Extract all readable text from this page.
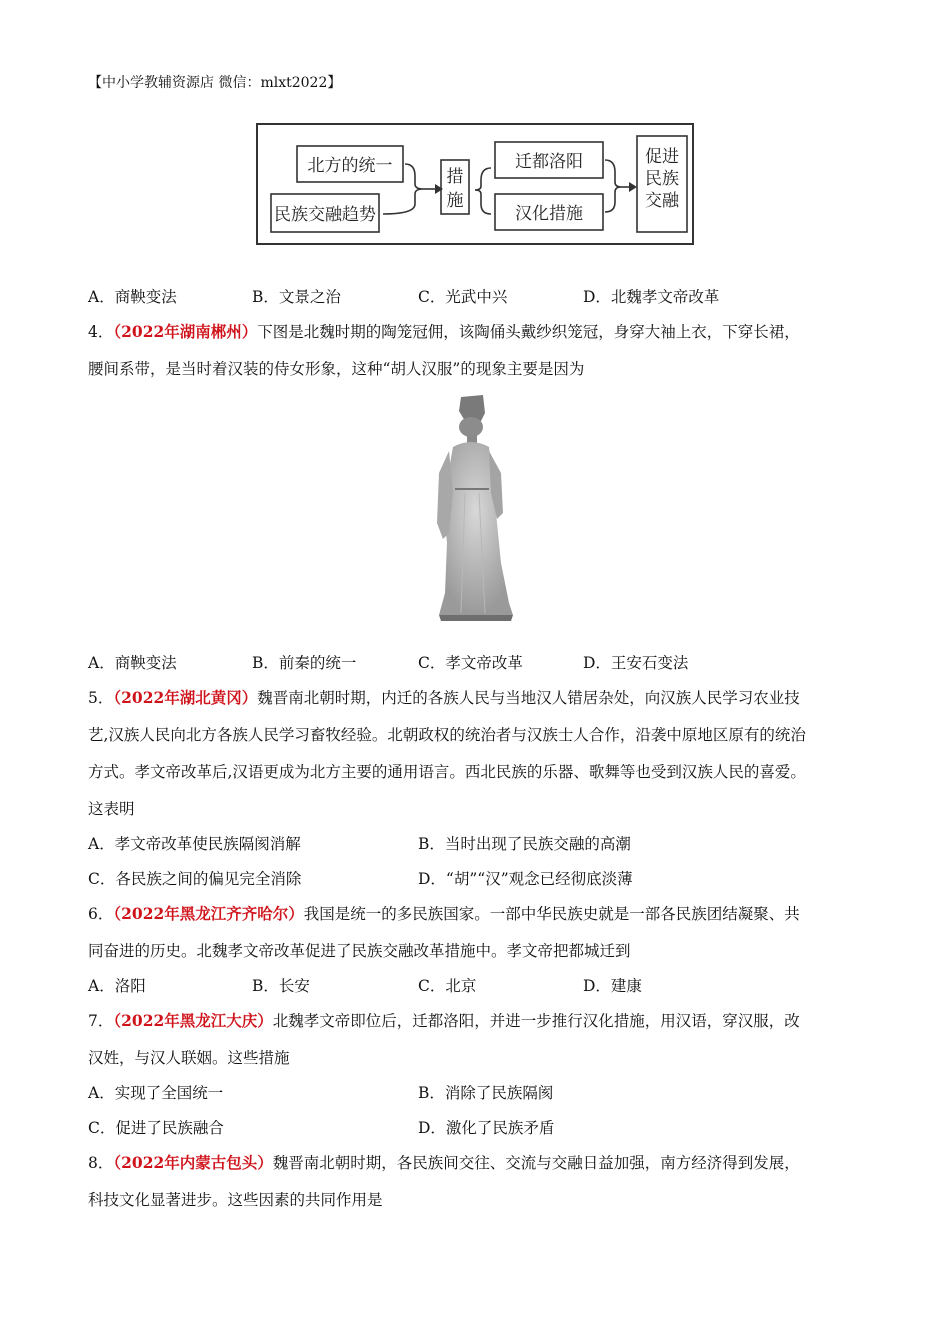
【中小学教辅资源店 微信：mlxt2022】
北方的统一
民族交融趋势
措
施
迁都洛阳
汉化措施
促进
民族
交融
A．商鞅变法	B．文景之治	C．光武中兴	D．北魏孝文帝改革
4．（2022年湖南郴州）下图是北魏时期的陶笼冠佣，该陶俑头戴纱织笼冠，身穿大袖上衣，下穿长裙，
腰间系带，是当时着汉装的侍女形象，这种“胡人汉服”的现象主要是因为
A．商鞅变法	B．前秦的统一	C．孝文帝改革	D．王安石变法
5．（2022年湖北黄冈）魏晋南北朝时期，内迁的各族人民与当地汉人错居杂处，向汉族人民学习农业技
艺,汉族人民向北方各族人民学习畜牧经验。北朝政权的统治者与汉族士人合作，沿袭中原地区原有的统治
方式。孝文帝改革后,汉语更成为北方主要的通用语言。西北民族的乐器、歌舞等也受到汉族人民的喜爱。
这表明
A．孝文帝改革使民族隔阂消解	B．当时出现了民族交融的高潮
C．各民族之间的偏见完全消除	D．“胡”“汉”观念已经彻底淡薄
6．（2022年黑龙江齐齐哈尔）我国是统一的多民族国家。一部中华民族史就是一部各民族团结凝聚、共
同奋进的历史。北魏孝文帝改革促进了民族交融改革措施中。孝文帝把都城迁到
A．洛阳	B．长安	C．北京	D．建康
7．（2022年黑龙江大庆）北魏孝文帝即位后，迁都洛阳，并进一步推行汉化措施，用汉语，穿汉服，改
汉姓，与汉人联姻。这些措施
A．实现了全国统一	B．消除了民族隔阂
C．促进了民族融合	D．激化了民族矛盾
8．（2022年内蒙古包头）魏晋南北朝时期，各民族间交往、交流与交融日益加强，南方经济得到发展，
科技文化显著进步。这些因素的共同作用是
